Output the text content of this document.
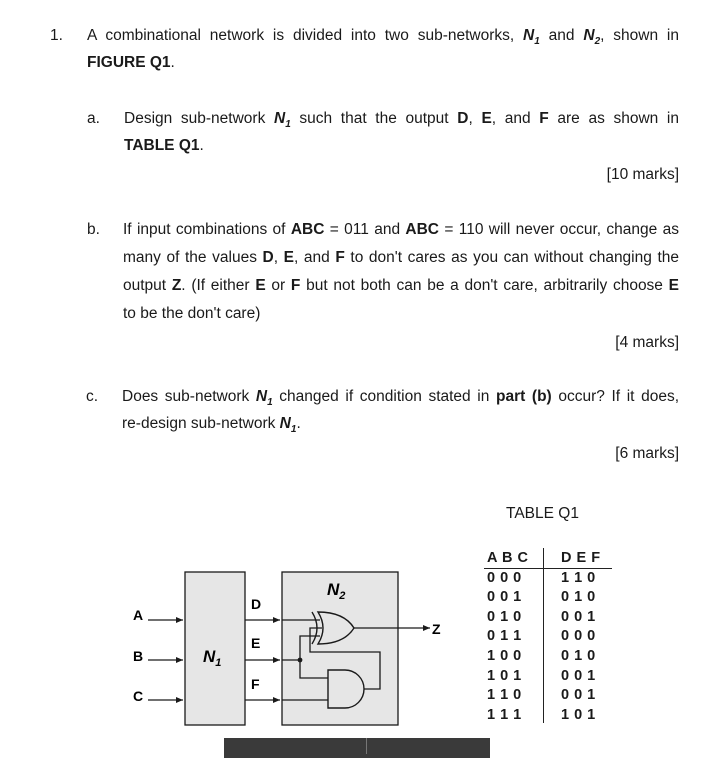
1. A combinational network is divided into two sub-networks, $N_1$ and $N_2$, shown in
FIGURE Q1.
a. Design sub-network $N_1$ such that the output D, E, and F are as shown in
TABLE Q1.
[10 marks]
b. If input combinations of ABC = 011 and ABC = 110 will never occur, change as
many of the values D, E, and F to don't cares as you can without changing the
output Z. (If either E or F but not both can be a don't care, arbitrarily choose E
to be the don't care)
[4 marks]
c. Does sub-network $N_1$ changed if condition stated in part (b) occur? If it does,
re-design sub-network $N_1$.
[6 marks]
TABLE Q1
A B C
0 0 0
0 0 1
0 1 0
0 1 1
1 0 0
1 0 1
1 1 0
1 1 1
D E F
1 1 0
0 1 0
0 0 1
0 0 0
0 1 0
0 0 1
0 0 1
1 0 1
A
B
C
D
E
F
Z
$N_1$
$N_2$
